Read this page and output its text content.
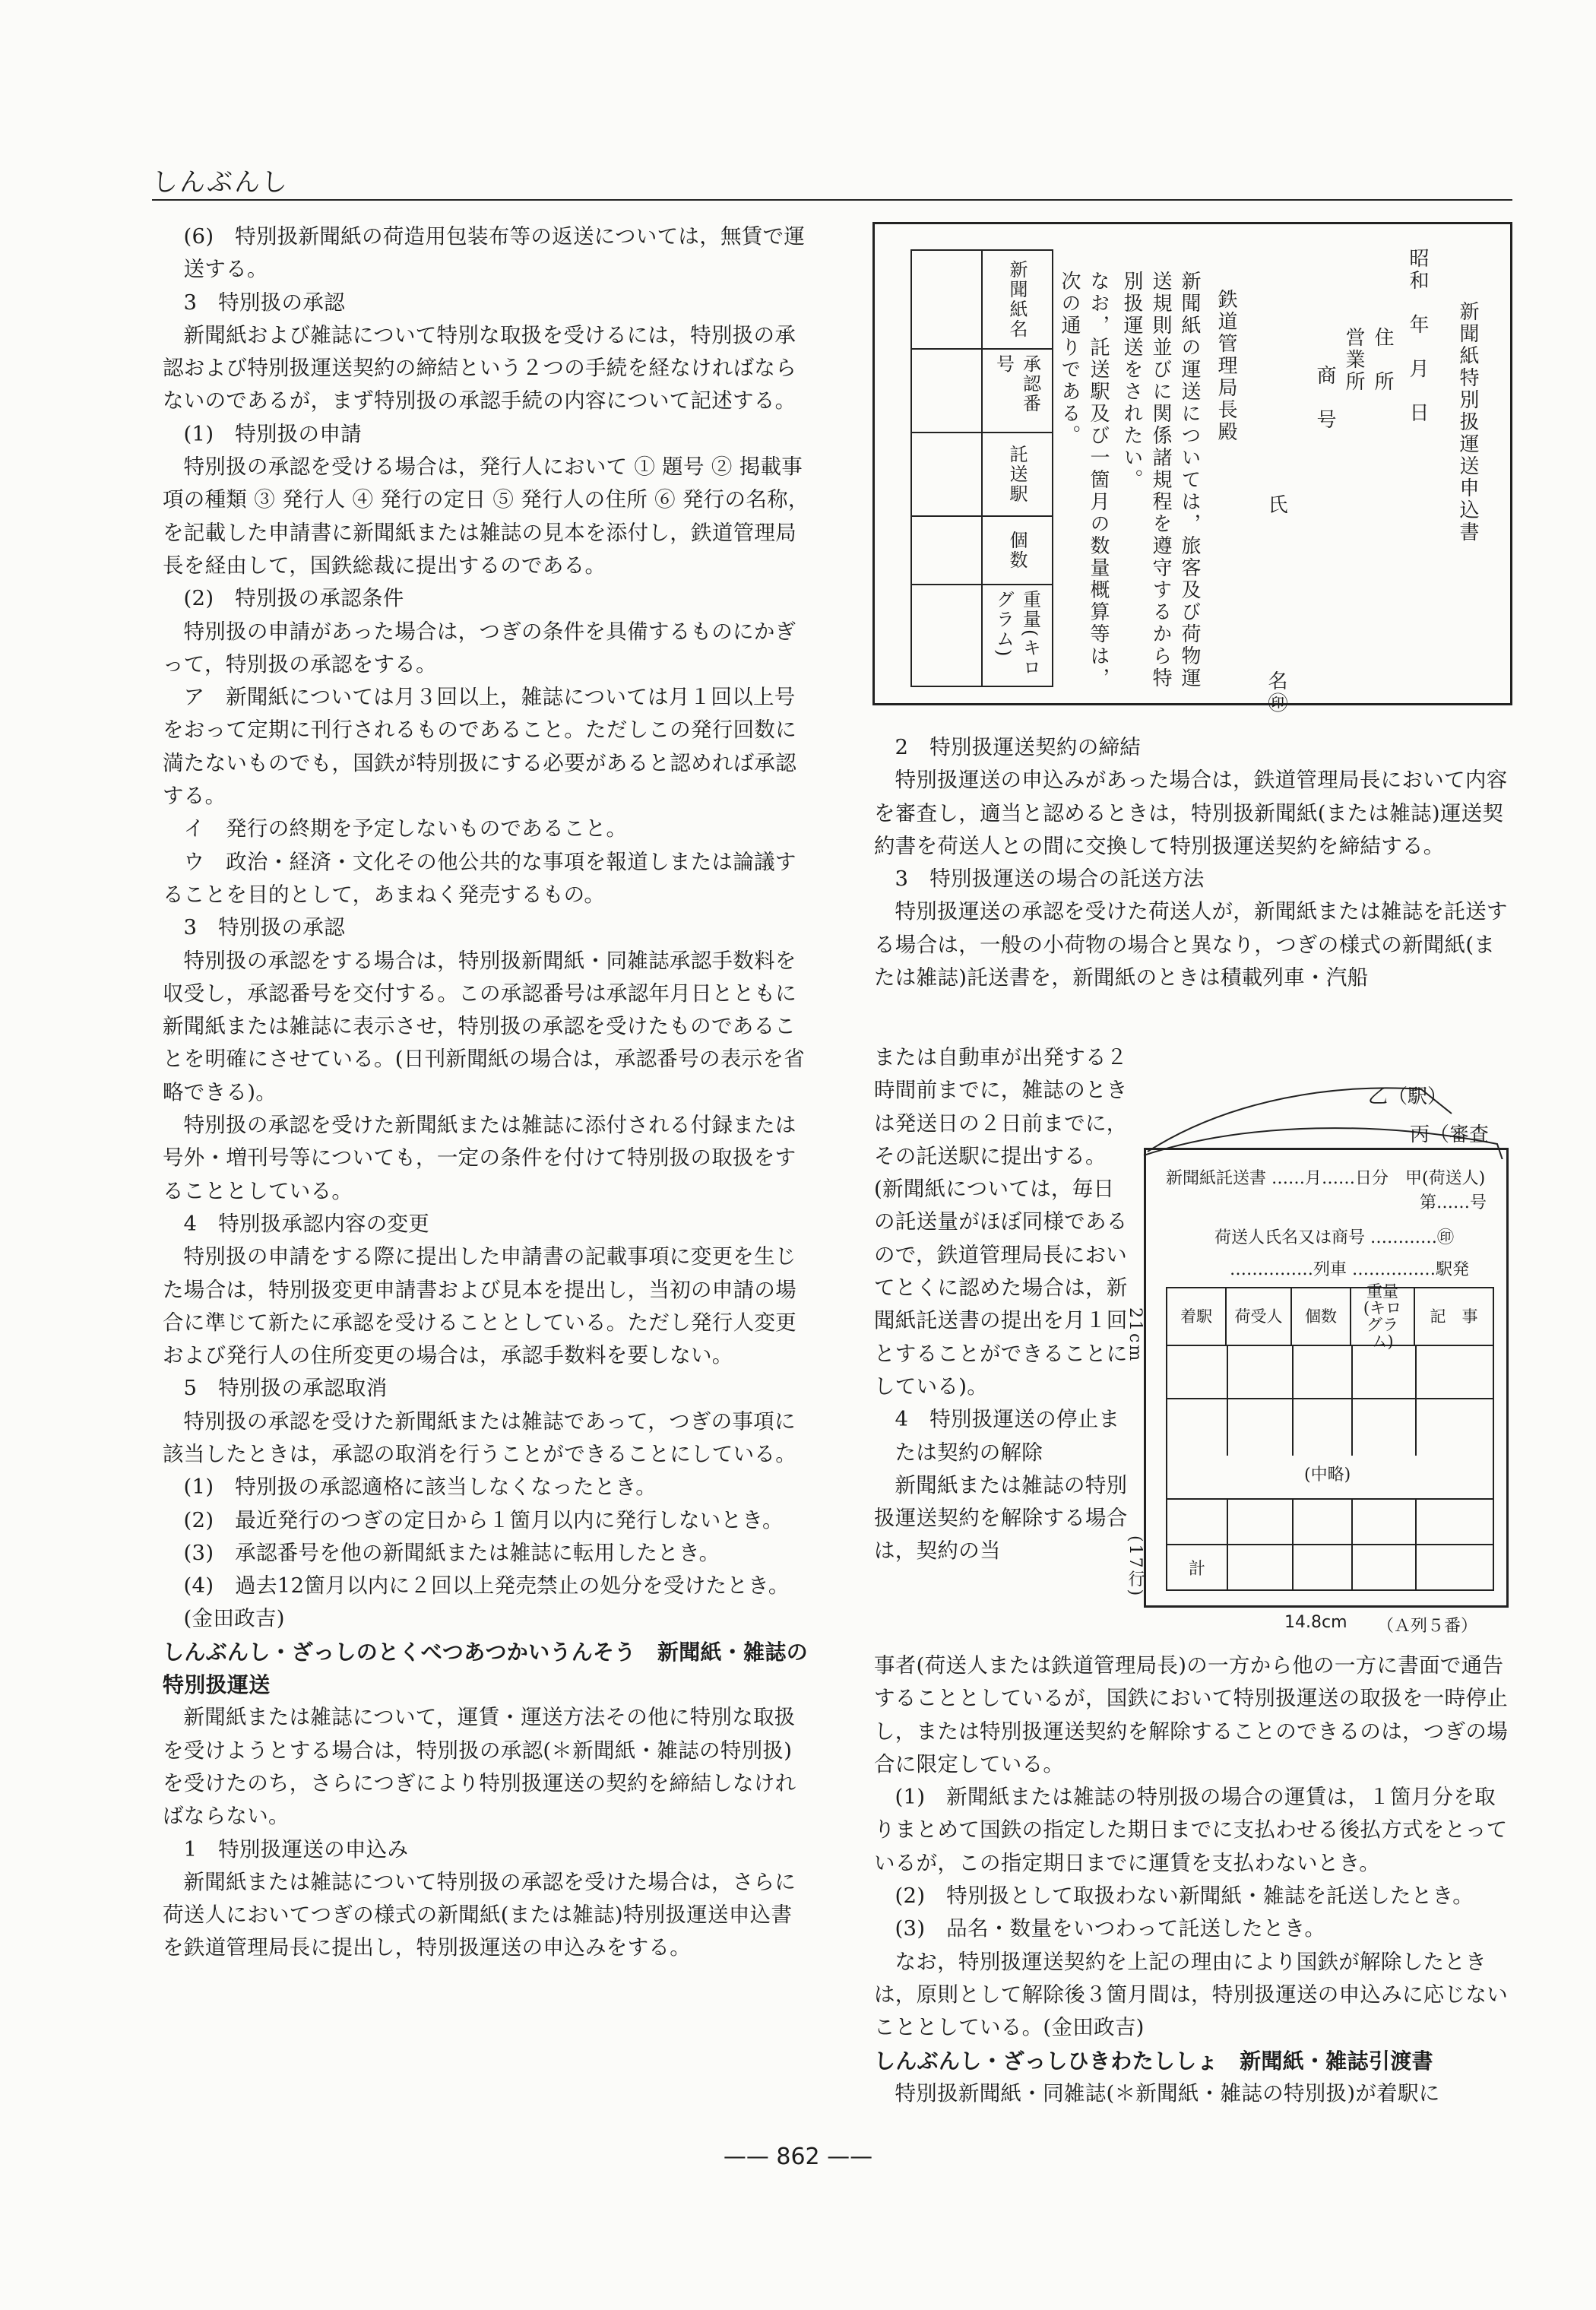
しんぶんし

(6)　特別扱新聞紙の荷造用包装布等の返送については，無賃で運送する。

3　特別扱の承認

新聞紙および雑誌について特別な取扱を受けるには，特別扱の承認および特別扱運送契約の締結という２つの手続を経なければならないのであるが，まず特別扱の承認手続の内容について記述する。

(1)　特別扱の申請

特別扱の承認を受ける場合は，発行人において ① 題号 ② 掲載事項の種類 ③ 発行人 ④ 発行の定日 ⑤ 発行人の住所 ⑥ 発行の名称，を記載した申請書に新聞紙または雑誌の見本を添付し，鉄道管理局長を経由して，国鉄総裁に提出するのである。

(2)　特別扱の承認条件

特別扱の申請があった場合は，つぎの条件を具備するものにかぎって，特別扱の承認をする。

ア　新聞紙については月３回以上，雑誌については月１回以上号をおって定期に刊行されるものであること。ただしこの発行回数に満たないものでも，国鉄が特別扱にする必要があると認めれば承認する。

イ　発行の終期を予定しないものであること。

ウ　政治・経済・文化その他公共的な事項を報道しまたは論議することを目的として，あまねく発売するもの。

3　特別扱の承認

特別扱の承認をする場合は，特別扱新聞紙・同雑誌承認手数料を収受し，承認番号を交付する。この承認番号は承認年月日とともに新聞紙または雑誌に表示させ，特別扱の承認を受けたものであることを明確にさせている。(日刊新聞紙の場合は，承認番号の表示を省略できる)。

特別扱の承認を受けた新聞紙または雑誌に添付される付録または号外・増刊号等についても，一定の条件を付けて特別扱の取扱をすることとしている。

4　特別扱承認内容の変更

特別扱の申請をする際に提出した申請書の記載事項に変更を生じた場合は，特別扱変更申請書および見本を提出し，当初の申請の場合に準じて新たに承認を受けることとしている。ただし発行人変更および発行人の住所変更の場合は，承認手数料を要しない。

5　特別扱の承認取消

特別扱の承認を受けた新聞紙または雑誌であって，つぎの事項に該当したときは，承認の取消を行うことができることにしている。

(1)　特別扱の承認適格に該当しなくなったとき。

(2)　最近発行のつぎの定日から１箇月以内に発行しないとき。

(3)　承認番号を他の新聞紙または雑誌に転用したとき。

(4)　過去12箇月以内に２回以上発売禁止の処分を受けたとき。(金田政吉)

しんぶんし・ざっしのとくべつあつかいうんそう　新聞紙・雑誌の特別扱運送

新聞紙または雑誌について，運賃・運送方法その他に特別な取扱を受けようとする場合は，特別扱の承認(＊新聞紙・雑誌の特別扱)を受けたのち，さらにつぎにより特別扱運送の契約を締結しなければならない。

1　特別扱運送の申込み

新聞紙または雑誌について特別扱の承認を受けた場合は，さらに荷送人においてつぎの様式の新聞紙(または雑誌)特別扱運送申込書を鉄道管理局長に提出し，特別扱運送の申込みをする。

新聞紙特別扱運送申込書
昭和　年　月　日
住　所
営業所
商　号
氏　　　　　　　名㊞
鉄道管理局長殿
新聞紙の運送については，旅客及び荷物運送規則並びに関係諸規程を遵守するから特別扱運送をされたい。
なお，託送駅及び一箇月の数量概算等は，次の通りである。
新聞紙名
承認番号
託送駅
個数
重量(キログラム)

2　特別扱運送契約の締結

特別扱運送の申込みがあった場合は，鉄道管理局長において内容を審査し，適当と認めるときは，特別扱新聞紙(または雑誌)運送契約書を荷送人との間に交換して特別扱運送契約を締結する。

3　特別扱運送の場合の託送方法

特別扱運送の承認を受けた荷送人が，新聞紙または雑誌を託送する場合は，一般の小荷物の場合と異なり，つぎの様式の新聞紙(または雑誌)託送書を，新聞紙のときは積載列車・汽船

または自動車が出発する２時間前までに，雑誌のときは発送日の２日前までに，その託送駅に提出する。(新聞紙については，毎日の託送量がほぼ同様であるので，鉄道管理局長においてとくに認めた場合は，新聞紙託送書の提出を月１回とすることができることにしている)。

4　特別扱運送の停止または契約の解除

新聞紙または雑誌の特別扱運送契約を解除する場合は，契約の当

乙（駅）
丙（審査
新聞紙託送書 ……月……日分　甲(荷送人)
第……号
荷送人氏名又は商号 …………㊞
……………列車 ……………駅発
着駅	荷受人	個数
重量(キログラム)
記　事
(中略)
計
21cm
(17行)
14.8cm （Ａ列５番）

事者(荷送人または鉄道管理局長)の一方から他の一方に書面で通告することとしているが，国鉄において特別扱運送の取扱を一時停止し，または特別扱運送契約を解除することのできるのは，つぎの場合に限定している。

(1)　新聞紙または雑誌の特別扱の場合の運賃は，１箇月分を取りまとめて国鉄の指定した期日までに支払わせる後払方式をとっているが，この指定期日までに運賃を支払わないとき。

(2)　特別扱として取扱わない新聞紙・雑誌を託送したとき。

(3)　品名・数量をいつわって託送したとき。

なお，特別扱運送契約を上記の理由により国鉄が解除したときは，原則として解除後３箇月間は，特別扱運送の申込みに応じないこととしている。(金田政吉)

しんぶんし・ざっしひきわたししょ　新聞紙・雑誌引渡書

特別扱新聞紙・同雑誌(＊新聞紙・雑誌の特別扱)が着駅に

—— 862 ——
